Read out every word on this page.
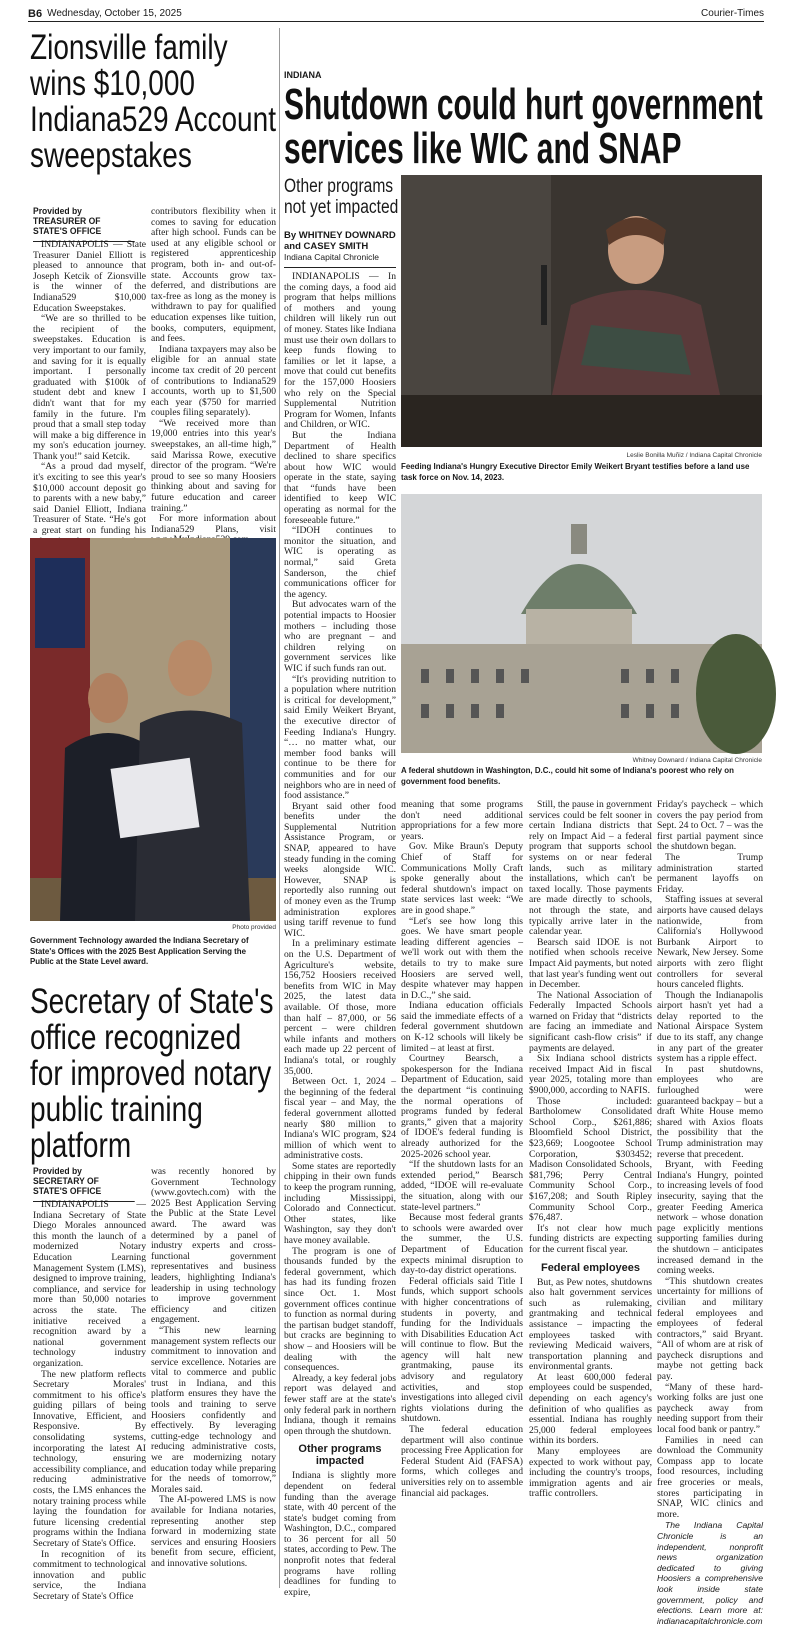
B6 Wednesday, October 15, 2025	Courier-Times
Zionsville family
wins $10,000
Indiana529 Account
sweepstakes
Provided by TREASURER OF STATE'S OFFICE

INDIANAPOLIS — State Treasurer Daniel Elliott is pleased to announce that Joseph Ketcik of Zionsville is the winner of the Indiana529 $10,000 Education Sweepstakes.

“We are so thrilled to be the recipient of the sweepstakes. Education is very important to our family, and saving for it is equally important. I personally graduated with $100k of student debt and knew I didn't want that for my family in the future. I'm proud that a small step today will make a big difference in my son's education journey. Thank you!” said Ketcik.

“As a proud dad myself, it's exciting to see this year's $10,000 account deposit go to parents with a new baby,” said Daniel Elliott, Indiana Treasurer of State. “He's got a great start on funding his

contributors flexibility when it comes to saving for education after high school. Funds can be used at any eligible school or registered apprenticeship program, both in- and out-of-state. Accounts grow tax-deferred, and distributions are tax-free as long as the money is withdrawn to pay for qualified education expenses like tuition, books, computers, equipment, and fees.

Indiana taxpayers may also be eligible for an annual state income tax credit of 20 percent of contributions to Indiana529 accounts, worth up to $1,500 each year ($750 for married couples filing separately).

“We received more than 19,000 entries into this year's sweepstakes, an all-time high,” said Marissa Rowe, executive director of the program. “We're proud to see so many Hoosiers thinking about and saving for future education and career training.”

For more information about Indiana529 Plans, visit

Photo provided
Government Technology awarded the Indiana Secretary of State's Offices with the 2025 Best Application Serving the Public at the State Level award.
Secretary of State's
office recognized
for improved notary
public training platform
Provided by SECRETARY OF STATE'S OFFICE

INDIANAPOLIS — Indiana Secretary of State Diego Morales announced this month the launch of a modernized Notary Education Learning Management System (LMS), designed to improve training, compliance, and service for more than 50,000 notaries across the state. The initiative received a recognition award by a national government technology industry organization.

The new platform reflects Secretary Morales' commitment to his office's guiding pillars of being Innovative, Efficient, and Responsive. By consolidating systems, incorporating the latest AI technology, ensuring accessibility compliance, and reducing administrative costs, the LMS enhances the notary training process while laying the foundation for future licensing credential programs within the Indiana Secretary of State's Office.

In recognition of its commitment to technological innovation and public service, the Indiana Secretary of State's Office

was recently honored by Government Technology (www.govtech.com) with the 2025 Best Application Serving the Public at the State Level award. The award was determined by a panel of industry experts and cross-functional government representatives and business leaders, highlighting Indiana's leadership in using technology to improve government efficiency and citizen engagement.

“This new learning management system reflects our commitment to innovation and service excellence. Notaries are vital to commerce and public trust in Indiana, and this platform ensures they have the tools and training to serve Hoosiers confidently and effectively. By leveraging cutting-edge technology and reducing administrative costs, we are modernizing notary education today while preparing for the needs of tomorrow,” Morales said.

The AI-powered LMS is now available for Indiana notaries, representing another step forward in modernizing state services and ensuring Hoosiers benefit from secure, efficient, and innovative solutions.

INDIANA
Shutdown could hurt government
services like WIC and SNAP
Other programs not yet impacted
By WHITNEY DOWNARD
and CASEY SMITH
Indiana Capital Chronicle

INDIANAPOLIS — In the coming days, a food aid program that helps millions of mothers and young children will likely run out of money. States like Indiana must use their own dollars to keep funds flowing to families or let it lapse, a move that could cut benefits for the 157,000 Hoosiers who rely on the Special Supplemental Nutrition Program for Women, Infants and Children, or WIC.

But the Indiana Department of Health declined to share specifics about how WIC would operate in the state, saying that “funds have been identified to keep WIC operating as normal for the foreseeable future.”

“IDOH continues to monitor the situation, and WIC is operating as normal,” said Greta Sanderson, the chief communications officer for the agency.

But advocates warn of the potential impacts to Hoosier mothers – including those who are pregnant – and children relying on government services like WIC if such funds ran out.

“It's providing nutrition to a population where nutrition is critical for development,” said Emily Weikert Bryant, the executive director of Feeding Indiana's Hungry. “… no matter what, our member food banks will continue to be there for communities and for our neighbors who are in need of food assistance.”

Bryant said other food benefits under the Supplemental Nutrition Assistance Program, or SNAP, appeared to have steady funding in the coming weeks alongside WIC. However, SNAP is reportedly also running out of money even as the Trump administration explores using tariff revenue to fund WIC.

In a preliminary estimate on the U.S. Department of Agriculture's website, 156,752 Hoosiers received benefits from WIC in May 2025, the latest data available. Of those, more than half – 87,000, or 56 percent – were children while infants and mothers each made up 22 percent of Indiana's total, or roughly 35,000.

Between Oct. 1, 2024 – the beginning of the federal fiscal year – and May, the federal government allotted nearly $80 million to Indiana's WIC program, $24 million of which went to administrative costs.

Some states are reportedly chipping in their own funds to keep the program running, including Mississippi, Colorado and Connecticut. Other states, like Washington, say they don't have money available.

The program is one of thousands funded by the federal government, which has had its funding frozen since Oct. 1. Most government offices continue to function as normal during the partisan budget standoff, but cracks are beginning to show – and Hoosiers will be dealing with the consequences.

Already, a key federal jobs report was delayed and fewer staff are at the state's only federal park in northern Indiana, though it remains open through the shutdown.

Other programs impacted

Indiana is slightly more dependent on federal funding than the average state, with 40 percent of the state's budget coming from Washington, D.C., compared to 36 percent for all 50 states, according to Pew. The nonprofit notes that federal programs have rolling deadlines for funding to expire,

Leslie Bonilla Muñiz / Indiana Capital Chronicle
Feeding Indiana's Hungry Executive Director Emily Weikert Bryant testifies before a land use task force on Nov. 14, 2023.
Whitney Downard / Indiana Capital Chronicle
A federal shutdown in Washington, D.C., could hit some of Indiana's poorest who rely on government food benefits.

meaning that some programs don't need additional appropriations for a few more years.

Gov. Mike Braun's Deputy Chief of Staff for Communications Molly Craft spoke generally about the federal shutdown's impact on state services last week: “We are in good shape.”

“Let's see how long this goes. We have smart people leading different agencies – we'll work out with them the details to try to make sure Hoosiers are served well, despite whatever may happen in D.C.,” she said.

Indiana education officials said the immediate effects of a federal government shutdown on K-12 schools will likely be limited – at least at first.

Courtney Bearsch, a spokesperson for the Indiana Department of Education, said the department “is continuing the normal operations of programs funded by federal grants,” given that a majority of IDOE's federal funding is already authorized for the 2025-2026 school year.

“If the shutdown lasts for an extended period,” Bearsch added, “IDOE will re-evaluate the situation, along with our state-level partners.”

Because most federal grants to schools were awarded over the summer, the U.S. Department of Education expects minimal disruption to day-to-day district operations.

Federal officials said Title I funds, which support schools with higher concentrations of students in poverty, and funding for the Individuals with Disabilities Education Act will continue to flow. But the agency will halt new grantmaking, pause its advisory and regulatory activities, and stop investigations into alleged civil rights violations during the shutdown.

The federal education department will also continue processing Free Application for Federal Student Aid (FAFSA) forms, which colleges and universities rely on to assemble financial aid packages.

Still, the pause in government services could be felt sooner in certain Indiana districts that rely on Impact Aid – a federal program that supports school systems on or near federal lands, such as military installations, which can't be taxed locally. Those payments are made directly to schools, not through the state, and typically arrive later in the calendar year.

Bearsch said IDOE is not notified when schools receive Impact Aid payments, but noted that last year's funding went out in December.

The National Association of Federally Impacted Schools warned on Friday that “districts are facing an immediate and significant cash-flow crisis” if payments are delayed.

Six Indiana school districts received Impact Aid in fiscal year 2025, totaling more than $900,000, according to NAFIS.

Those included: Bartholomew Consolidated School Corp., $261,886; Bloomfield School District, $23,669; Loogootee School Corporation, $303452; Madison Consolidated Schools, $81,796; Perry Central Community School Corp., $167,208; and South Ripley Community School Corp., $76,487.

It's not clear how much funding districts are expecting for the current fiscal year.

Federal employees

But, as Pew notes, shutdowns also halt government services such as rulemaking, grantmaking and technical assistance – impacting the employees tasked with reviewing Medicaid waivers, transportation planning and environmental grants.

At least 600,000 federal employees could be suspended, depending on each agency's definition of who qualifies as essential. Indiana has roughly 25,000 federal employees within its borders.

Many employees are expected to work without pay, including the country's troops, immigration agents and air traffic controllers.

Friday's paycheck – which covers the pay period from Sept. 24 to Oct. 7 – was the first partial payment since the shutdown began.

The Trump administration started permanent layoffs on Friday.

Staffing issues at several airports have caused delays nationwide, from California's Hollywood Burbank Airport to Newark, New Jersey. Some airports with zero flight controllers for several hours canceled flights.

Though the Indianapolis airport hasn't yet had a delay reported to the National Airspace System due to its staff, any change in any part of the greater system has a ripple effect.

In past shutdowns, employees who are furloughed were guaranteed backpay – but a draft White House memo shared with Axios floats the possibility that the Trump administration may reverse that precedent.

Bryant, with Feeding Indiana's Hungry, pointed to increasing levels of food insecurity, saying that the greater Feeding America network – whose donation page explicitly mentions supporting families during the shutdown – anticipates increased demand in the coming weeks.

“This shutdown creates uncertainty for millions of civilian and military federal employees and employees of federal contractors,” said Bryant. “All of whom are at risk of paycheck disruptions and maybe not getting back pay.

“Many of these hard-working folks are just one paycheck away from needing support from their local food bank or pantry.”

Families in need can download the Community Compass app to locate food resources, including free groceries or meals, stores participating in SNAP, WIC clinics and more.

The Indiana Capital Chronicle is an independent, nonprofit news organization dedicated to giving Hoosiers a comprehensive look inside state government, policy and elections. Learn more at: indianacapitalchronicle.com
